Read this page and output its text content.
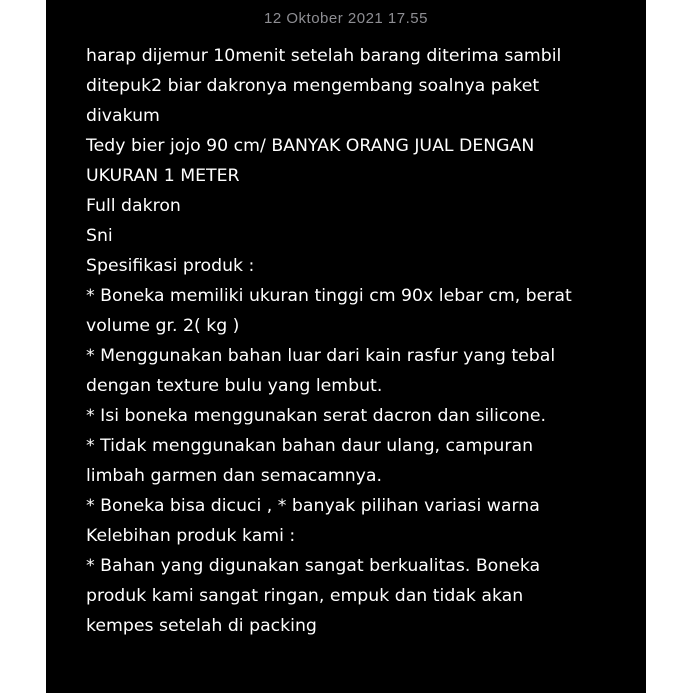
12 Oktober 2021 17.55
harap dijemur 10menit setelah barang diterima sambil
ditepuk2 biar dakronya mengembang soalnya paket
divakum
Tedy bier jojo 90 cm/ BANYAK ORANG JUAL DENGAN
UKURAN 1 METER
Full dakron
Sni
Spesifikasi produk :
* Boneka memiliki ukuran tinggi cm 90x lebar cm, berat
volume gr. 2( kg )
* Menggunakan bahan luar dari kain rasfur yang tebal
dengan texture bulu yang lembut.
* Isi boneka menggunakan serat dacron dan silicone.
* Tidak menggunakan bahan daur ulang, campuran
limbah garmen dan semacamnya.
* Boneka bisa dicuci , * banyak pilihan variasi warna
Kelebihan produk kami :
* Bahan yang digunakan sangat berkualitas. Boneka
produk kami sangat ringan, empuk dan tidak akan
kempes setelah di packing
